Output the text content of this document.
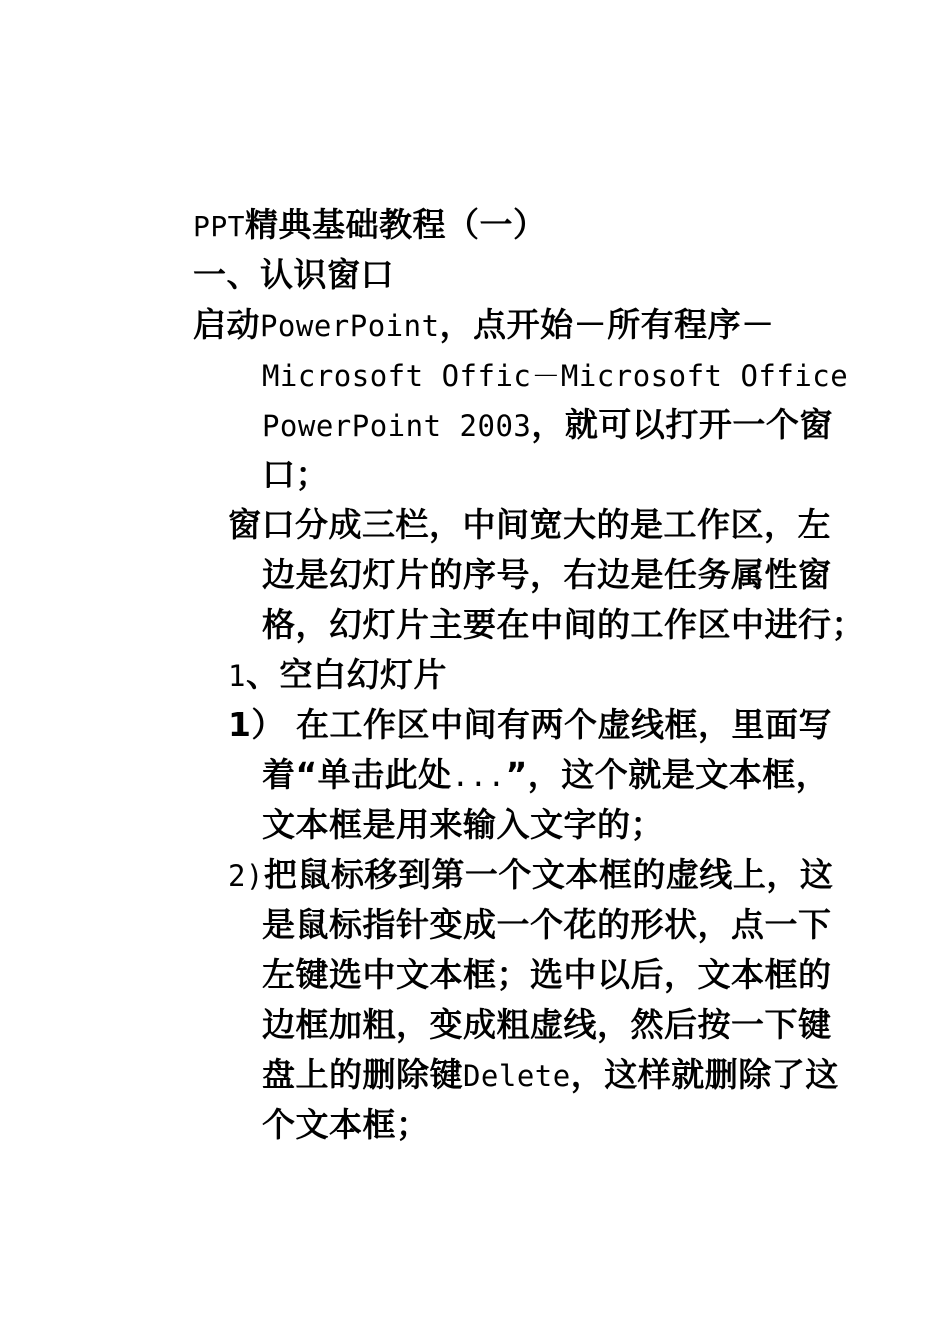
PPT精典基础教程（一）

一、认识窗口

启动PowerPoint，点开始－所有程序－

Microsoft Offic－Microsoft Office

PowerPoint 2003，就可以打开一个窗

口；

窗口分成三栏，中间宽大的是工作区，左

边是幻灯片的序号，右边是任务属性窗

格，幻灯片主要在中间的工作区中进行；

1、空白幻灯片

1） 在工作区中间有两个虚线框，里面写

着“单击此处...”，这个就是文本框，

文本框是用来输入文字的；

2)把鼠标移到第一个文本框的虚线上，这

是鼠标指针变成一个花的形状，点一下

左键选中文本框；选中以后，文本框的

边框加粗，变成粗虚线，然后按一下键

盘上的删除键Delete，这样就删除了这

个文本框；
